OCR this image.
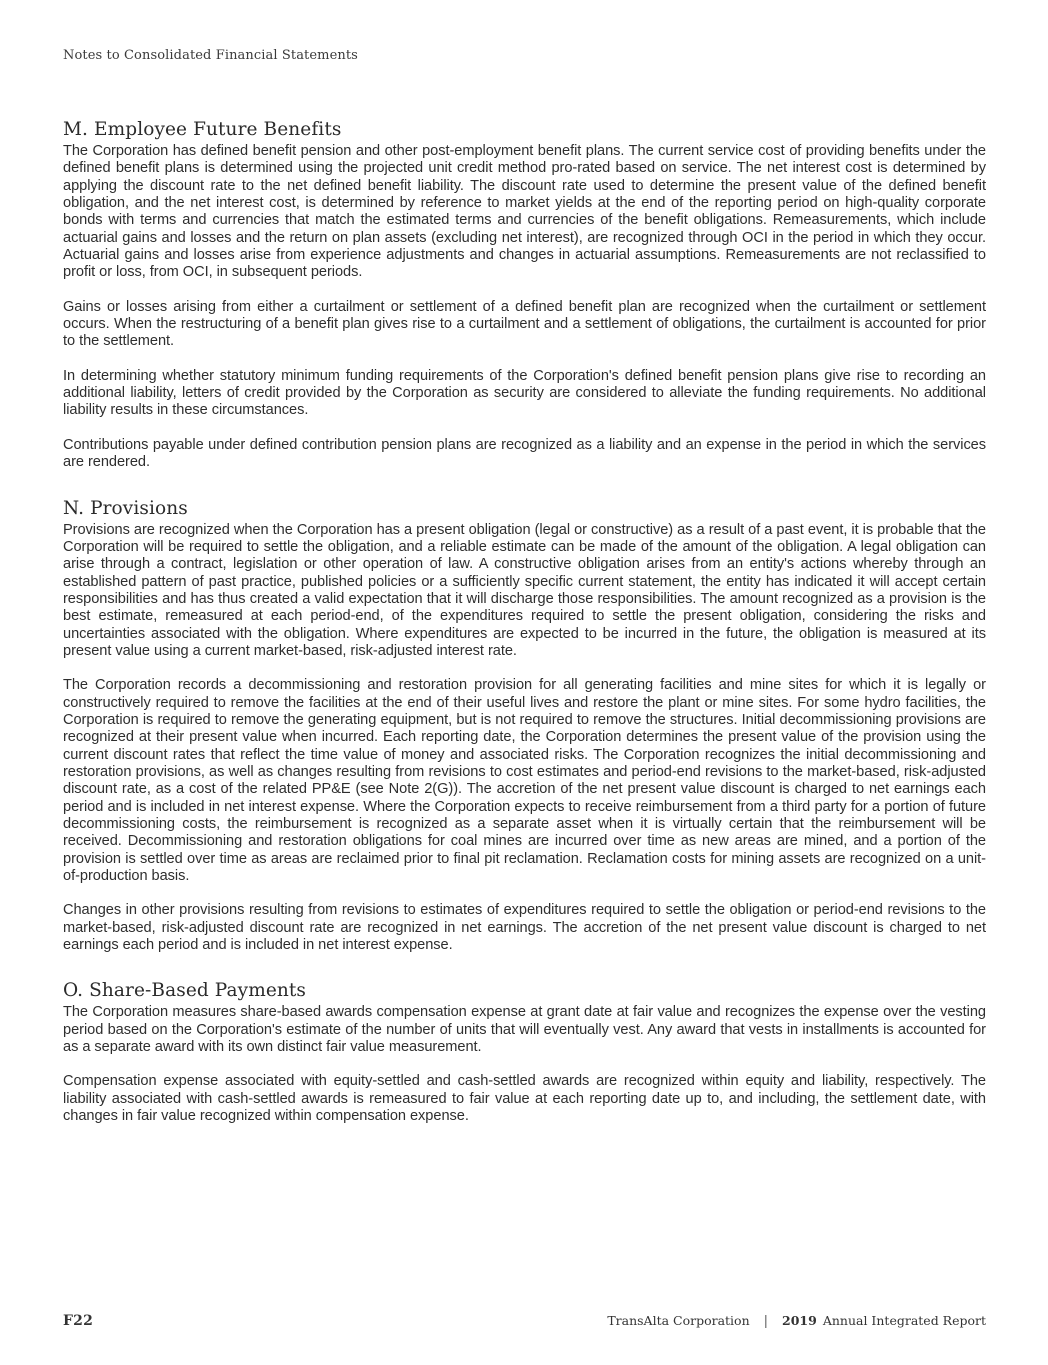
Notes to Consolidated Financial Statements
M. Employee Future Benefits

The Corporation has defined benefit pension and other post-employment benefit plans. The current service cost of providing benefits under the defined benefit plans is determined using the projected unit credit method pro-rated based on service. The net interest cost is determined by applying the discount rate to the net defined benefit liability. The discount rate used to determine the present value of the defined benefit obligation, and the net interest cost, is determined by reference to market yields at the end of the reporting period on high-quality corporate bonds with terms and currencies that match the estimated terms and currencies of the benefit obligations. Remeasurements, which include actuarial gains and losses and the return on plan assets (excluding net interest), are recognized through OCI in the period in which they occur. Actuarial gains and losses arise from experience adjustments and changes in actuarial assumptions. Remeasurements are not reclassified to profit or loss, from OCI, in subsequent periods.

Gains or losses arising from either a curtailment or settlement of a defined benefit plan are recognized when the curtailment or settlement occurs. When the restructuring of a benefit plan gives rise to a curtailment and a settlement of obligations, the curtailment is accounted for prior to the settlement.

In determining whether statutory minimum funding requirements of the Corporation's defined benefit pension plans give rise to recording an additional liability, letters of credit provided by the Corporation as security are considered to alleviate the funding requirements. No additional liability results in these circumstances.

Contributions payable under defined contribution pension plans are recognized as a liability and an expense in the period in which the services are rendered.

N. Provisions

Provisions are recognized when the Corporation has a present obligation (legal or constructive) as a result of a past event, it is probable that the Corporation will be required to settle the obligation, and a reliable estimate can be made of the amount of the obligation. A legal obligation can arise through a contract, legislation or other operation of law. A constructive obligation arises from an entity's actions whereby through an established pattern of past practice, published policies or a sufficiently specific current statement, the entity has indicated it will accept certain responsibilities and has thus created a valid expectation that it will discharge those responsibilities. The amount recognized as a provision is the best estimate, remeasured at each period-end, of the expenditures required to settle the present obligation, considering the risks and uncertainties associated with the obligation. Where expenditures are expected to be incurred in the future, the obligation is measured at its present value using a current market-based, risk-adjusted interest rate.

The Corporation records a decommissioning and restoration provision for all generating facilities and mine sites for which it is legally or constructively required to remove the facilities at the end of their useful lives and restore the plant or mine sites. For some hydro facilities, the Corporation is required to remove the generating equipment, but is not required to remove the structures. Initial decommissioning provisions are recognized at their present value when incurred. Each reporting date, the Corporation determines the present value of the provision using the current discount rates that reflect the time value of money and associated risks. The Corporation recognizes the initial decommissioning and restoration provisions, as well as changes resulting from revisions to cost estimates and period-end revisions to the market-based, risk-adjusted discount rate, as a cost of the related PP&E (see Note 2(G)). The accretion of the net present value discount is charged to net earnings each period and is included in net interest expense. Where the Corporation expects to receive reimbursement from a third party for a portion of future decommissioning costs, the reimbursement is recognized as a separate asset when it is virtually certain that the reimbursement will be received. Decommissioning and restoration obligations for coal mines are incurred over time as new areas are mined, and a portion of the provision is settled over time as areas are reclaimed prior to final pit reclamation. Reclamation costs for mining assets are recognized on a unit-of-production basis.

Changes in other provisions resulting from revisions to estimates of expenditures required to settle the obligation or period-end revisions to the market-based, risk-adjusted discount rate are recognized in net earnings. The accretion of the net present value discount is charged to net earnings each period and is included in net interest expense.

O. Share-Based Payments

The Corporation measures share-based awards compensation expense at grant date at fair value and recognizes the expense over the vesting period based on the Corporation's estimate of the number of units that will eventually vest. Any award that vests in installments is accounted for as a separate award with its own distinct fair value measurement.

Compensation expense associated with equity-settled and cash-settled awards are recognized within equity and liability, respectively. The liability associated with cash-settled awards is remeasured to fair value at each reporting date up to, and including, the settlement date, with changes in fair value recognized within compensation expense.

F22	TransAlta Corporation | 2019 Annual Integrated Report
